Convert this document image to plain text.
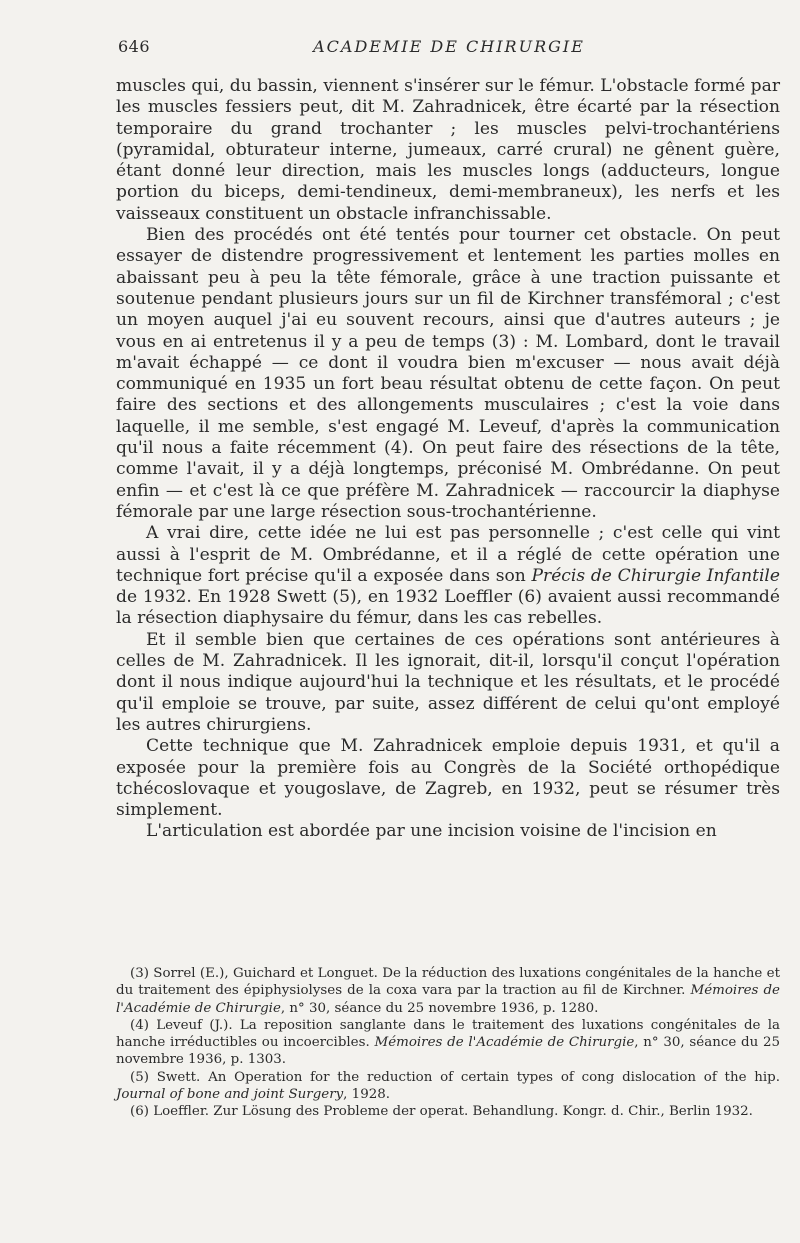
646	ACADEMIE DE CHIRURGIE

muscles qui, du bassin, viennent s'insérer sur le fémur. L'obstacle formé par les muscles fessiers peut, dit M. Zahradnicek, être écarté par la résection temporaire du grand trochanter ; les muscles pelvi-trochantériens (pyramidal, obturateur interne, jumeaux, carré crural) ne gênent guère, étant donné leur direction, mais les muscles longs (adducteurs, longue portion du biceps, demi-tendineux, demi-membraneux), les nerfs et les vaisseaux constituent un obstacle infranchissable.

Bien des procédés ont été tentés pour tourner cet obstacle. On peut essayer de distendre progressivement et lentement les parties molles en abaissant peu à peu la tête fémorale, grâce à une traction puissante et soutenue pendant plusieurs jours sur un fil de Kirchner transfémoral ; c'est un moyen auquel j'ai eu souvent recours, ainsi que d'autres auteurs ; je vous en ai entretenus il y a peu de temps (3) : M. Lombard, dont le travail m'avait échappé — ce dont il voudra bien m'excuser — nous avait déjà communiqué en 1935 un fort beau résultat obtenu de cette façon. On peut faire des sections et des allongements musculaires ; c'est la voie dans laquelle, il me semble, s'est engagé M. Leveuf, d'après la communication qu'il nous a faite récemment (4). On peut faire des résections de la tête, comme l'avait, il y a déjà longtemps, préconisé M. Ombrédanne. On peut enfin — et c'est là ce que préfère M. Zahradnicek — raccourcir la diaphyse fémorale par une large résection sous-trochantérienne.

A vrai dire, cette idée ne lui est pas personnelle ; c'est celle qui vint aussi à l'esprit de M. Ombrédanne, et il a réglé de cette opération une technique fort précise qu'il a exposée dans son Précis de Chirurgie Infantile de 1932. En 1928 Swett (5), en 1932 Loeffler (6) avaient aussi recommandé la résection diaphysaire du fémur, dans les cas rebelles.

Et il semble bien que certaines de ces opérations sont antérieures à celles de M. Zahradnicek. Il les ignorait, dit-il, lorsqu'il conçut l'opération dont il nous indique aujourd'hui la technique et les résultats, et le procédé qu'il emploie se trouve, par suite, assez différent de celui qu'ont employé les autres chirurgiens.

Cette technique que M. Zahradnicek emploie depuis 1931, et qu'il a exposée pour la première fois au Congrès de la Société orthopédique tchécoslovaque et yougoslave, de Zagreb, en 1932, peut se résumer très simplement.

L'articulation est abordée par une incision voisine de l'incision en

(3) Sorrel (E.), Guichard et Longuet. De la réduction des luxations congénitales de la hanche et du traitement des épiphysiolyses de la coxa vara par la traction au fil de Kirchner. Mémoires de l'Académie de Chirurgie, n° 30, séance du 25 novembre 1936, p. 1280.

(4) Leveuf (J.). La reposition sanglante dans le traitement des luxations congénitales de la hanche irréductibles ou incoercibles. Mémoires de l'Académie de Chirurgie, n° 30, séance du 25 novembre 1936, p. 1303.

(5) Swett. An Operation for the reduction of certain types of cong dislocation of the hip. Journal of bone and joint Surgery, 1928.

(6) Loeffler. Zur Lösung des Probleme der operat. Behandlung. Kongr. d. Chir., Berlin 1932.
